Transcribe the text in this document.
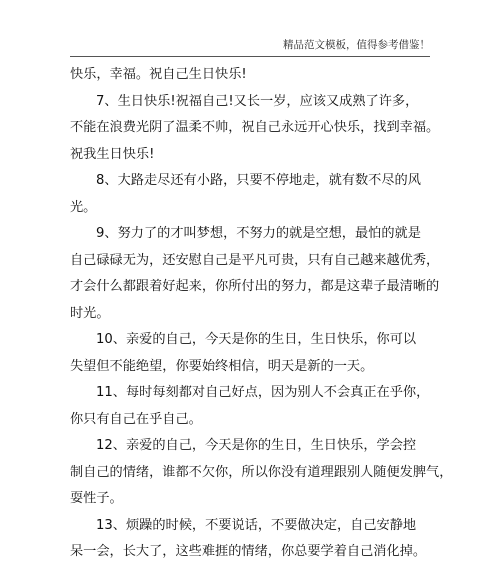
精品范文模板，值得参考借鉴！

快乐，幸福。祝自己生日快乐!

7、生日快乐!祝福自己!又长一岁，应该又成熟了许多，

不能在浪费光阴了温柔不帅，祝自己永远开心快乐，找到幸福。

祝我生日快乐!

8、大路走尽还有小路，只要不停地走，就有数不尽的风

光。

9、努力了的才叫梦想，不努力的就是空想，最怕的就是

自己碌碌无为，还安慰自己是平凡可贵，只有自己越来越优秀，

才会什么都跟着好起来，你所付出的努力，都是这辈子最清晰的

时光。

10、亲爱的自己，今天是你的生日，生日快乐，你可以

失望但不能绝望，你要始终相信，明天是新的一天。

11、每时每刻都对自己好点，因为别人不会真正在乎你，

你只有自己在乎自己。

12、亲爱的自己，今天是你的生日，生日快乐，学会控

制自己的情绪，谁都不欠你，所以你没有道理跟别人随便发脾气，

耍性子。

13、烦躁的时候，不要说话，不要做决定，自己安静地

呆一会，长大了，这些难捱的情绪，你总要学着自己消化掉。
